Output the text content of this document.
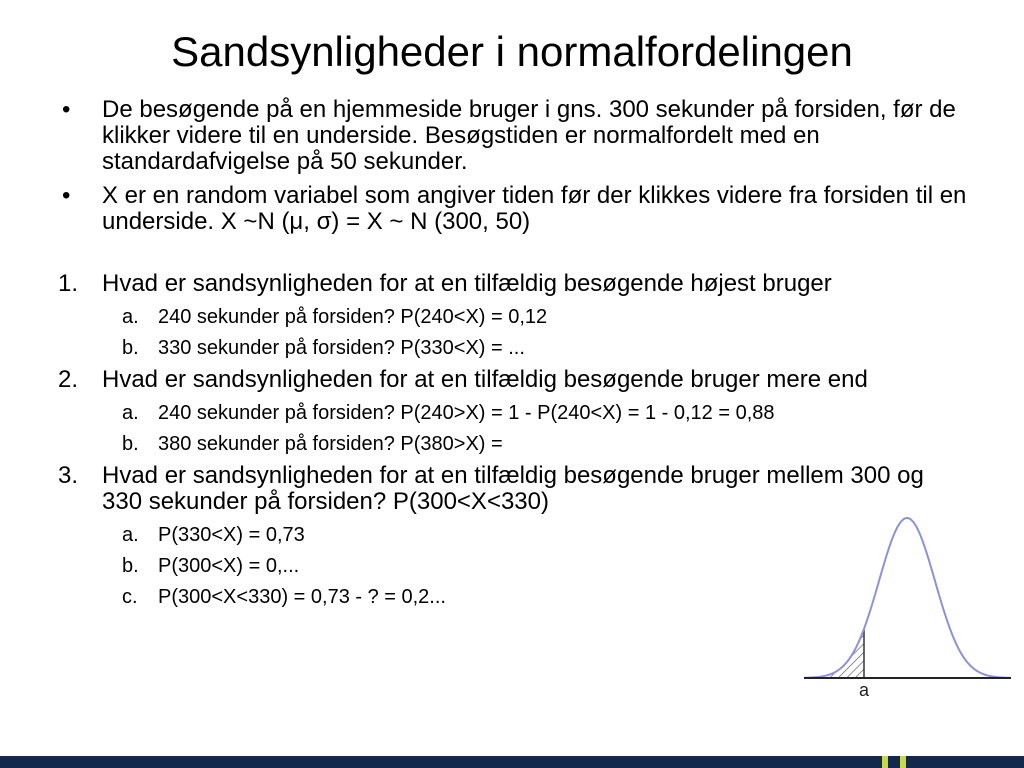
Sandsynligheder i normalfordelingen
•	De besøgende på en hjemmeside bruger i gns. 300 sekunder på forsiden, før de klikker videre til en underside. Besøgstiden er normalfordelt med en standardafvigelse på 50 sekunder.
•	X er en random variabel som angiver tiden før der klikkes videre fra forsiden til en underside. X ~N (μ, σ) = X ~ N (300, 50)
1. Hvad er sandsynligheden for at en tilfældig besøgende højest bruger
a. 240 sekunder på forsiden? P(240<X) = 0,12
b. 330 sekunder på forsiden? P(330<X) = ...
2. Hvad er sandsynligheden for at en tilfældig besøgende bruger mere end
a. 240 sekunder på forsiden? P(240>X) = 1 - P(240<X) = 1 - 0,12 = 0,88
b. 380 sekunder på forsiden? P(380>X) =
3. Hvad er sandsynligheden for at en tilfældig besøgende bruger mellem 300 og 330 sekunder på forsiden? P(300<X<330)
a. P(330<X) = 0,73
b. P(300<X) = 0,...
c.	P(300<X<330) = 0,73 - ? = 0,2...
a
